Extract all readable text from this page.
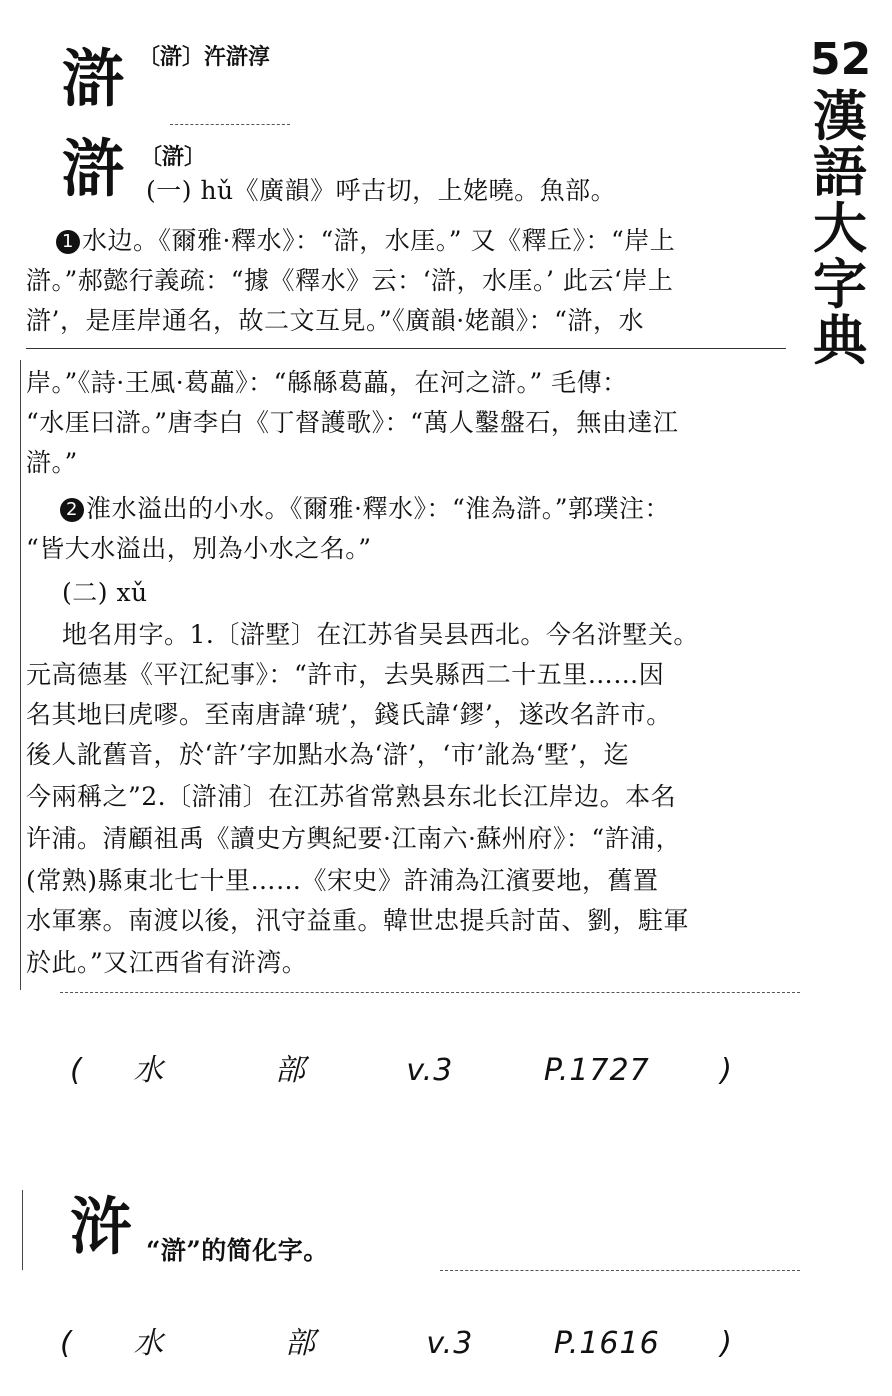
52
漢
語
大
字
典
滸 〔滸〕汻滸淳
滸 〔滸〕
(一) hǔ《廣韻》呼古切，上姥曉。魚部。
1 水边。《爾雅·釋水》：“滸，水厓。” 又《釋丘》：“岸上
滸。”郝懿行義疏：“據《釋水》云：‘滸，水厓。’ 此云‘岸上
滸’，是厓岸通名，故二文互見。”《廣韻·姥韻》：“滸，水
岸。”《詩·王風·葛藟》：“緜緜葛藟，在河之滸。” 毛傳：
“水厓曰滸。”唐李白《丁督護歌》：“萬人鑿盤石，無由達江
滸。”
2 淮水溢出的小水。《爾雅·釋水》：“淮為滸。”郭璞注：
“皆大水溢出，別為小水之名。”
(二) xǔ
地名用字。1.〔滸墅〕在江苏省吴县西北。今名浒墅关。
元高德基《平江紀事》：“許市，去吳縣西二十五里……因
名其地曰虎嘐。至南唐諱‘琥’，錢氏諱‘鏐’，遂改名許市。
後人訛舊音，於‘許’字加點水為‘滸’，‘市’訛為‘墅’，迄
今兩稱之”2.〔滸浦〕在江苏省常熟县东北长江岸边。本名
许浦。清顧祖禹《讀史方輿紀要·江南六·蘇州府》：“許浦，
(常熟)縣東北七十里……《宋史》許浦為江濱要地，舊置
水軍寨。南渡以後，汛守益重。韓世忠提兵討苗、劉，駐軍
於此。”又江西省有浒湾。
( 水	部	v.3	P.1727 )
浒 “滸”的简化字。
( 水	部	v.3	P.1616 )
